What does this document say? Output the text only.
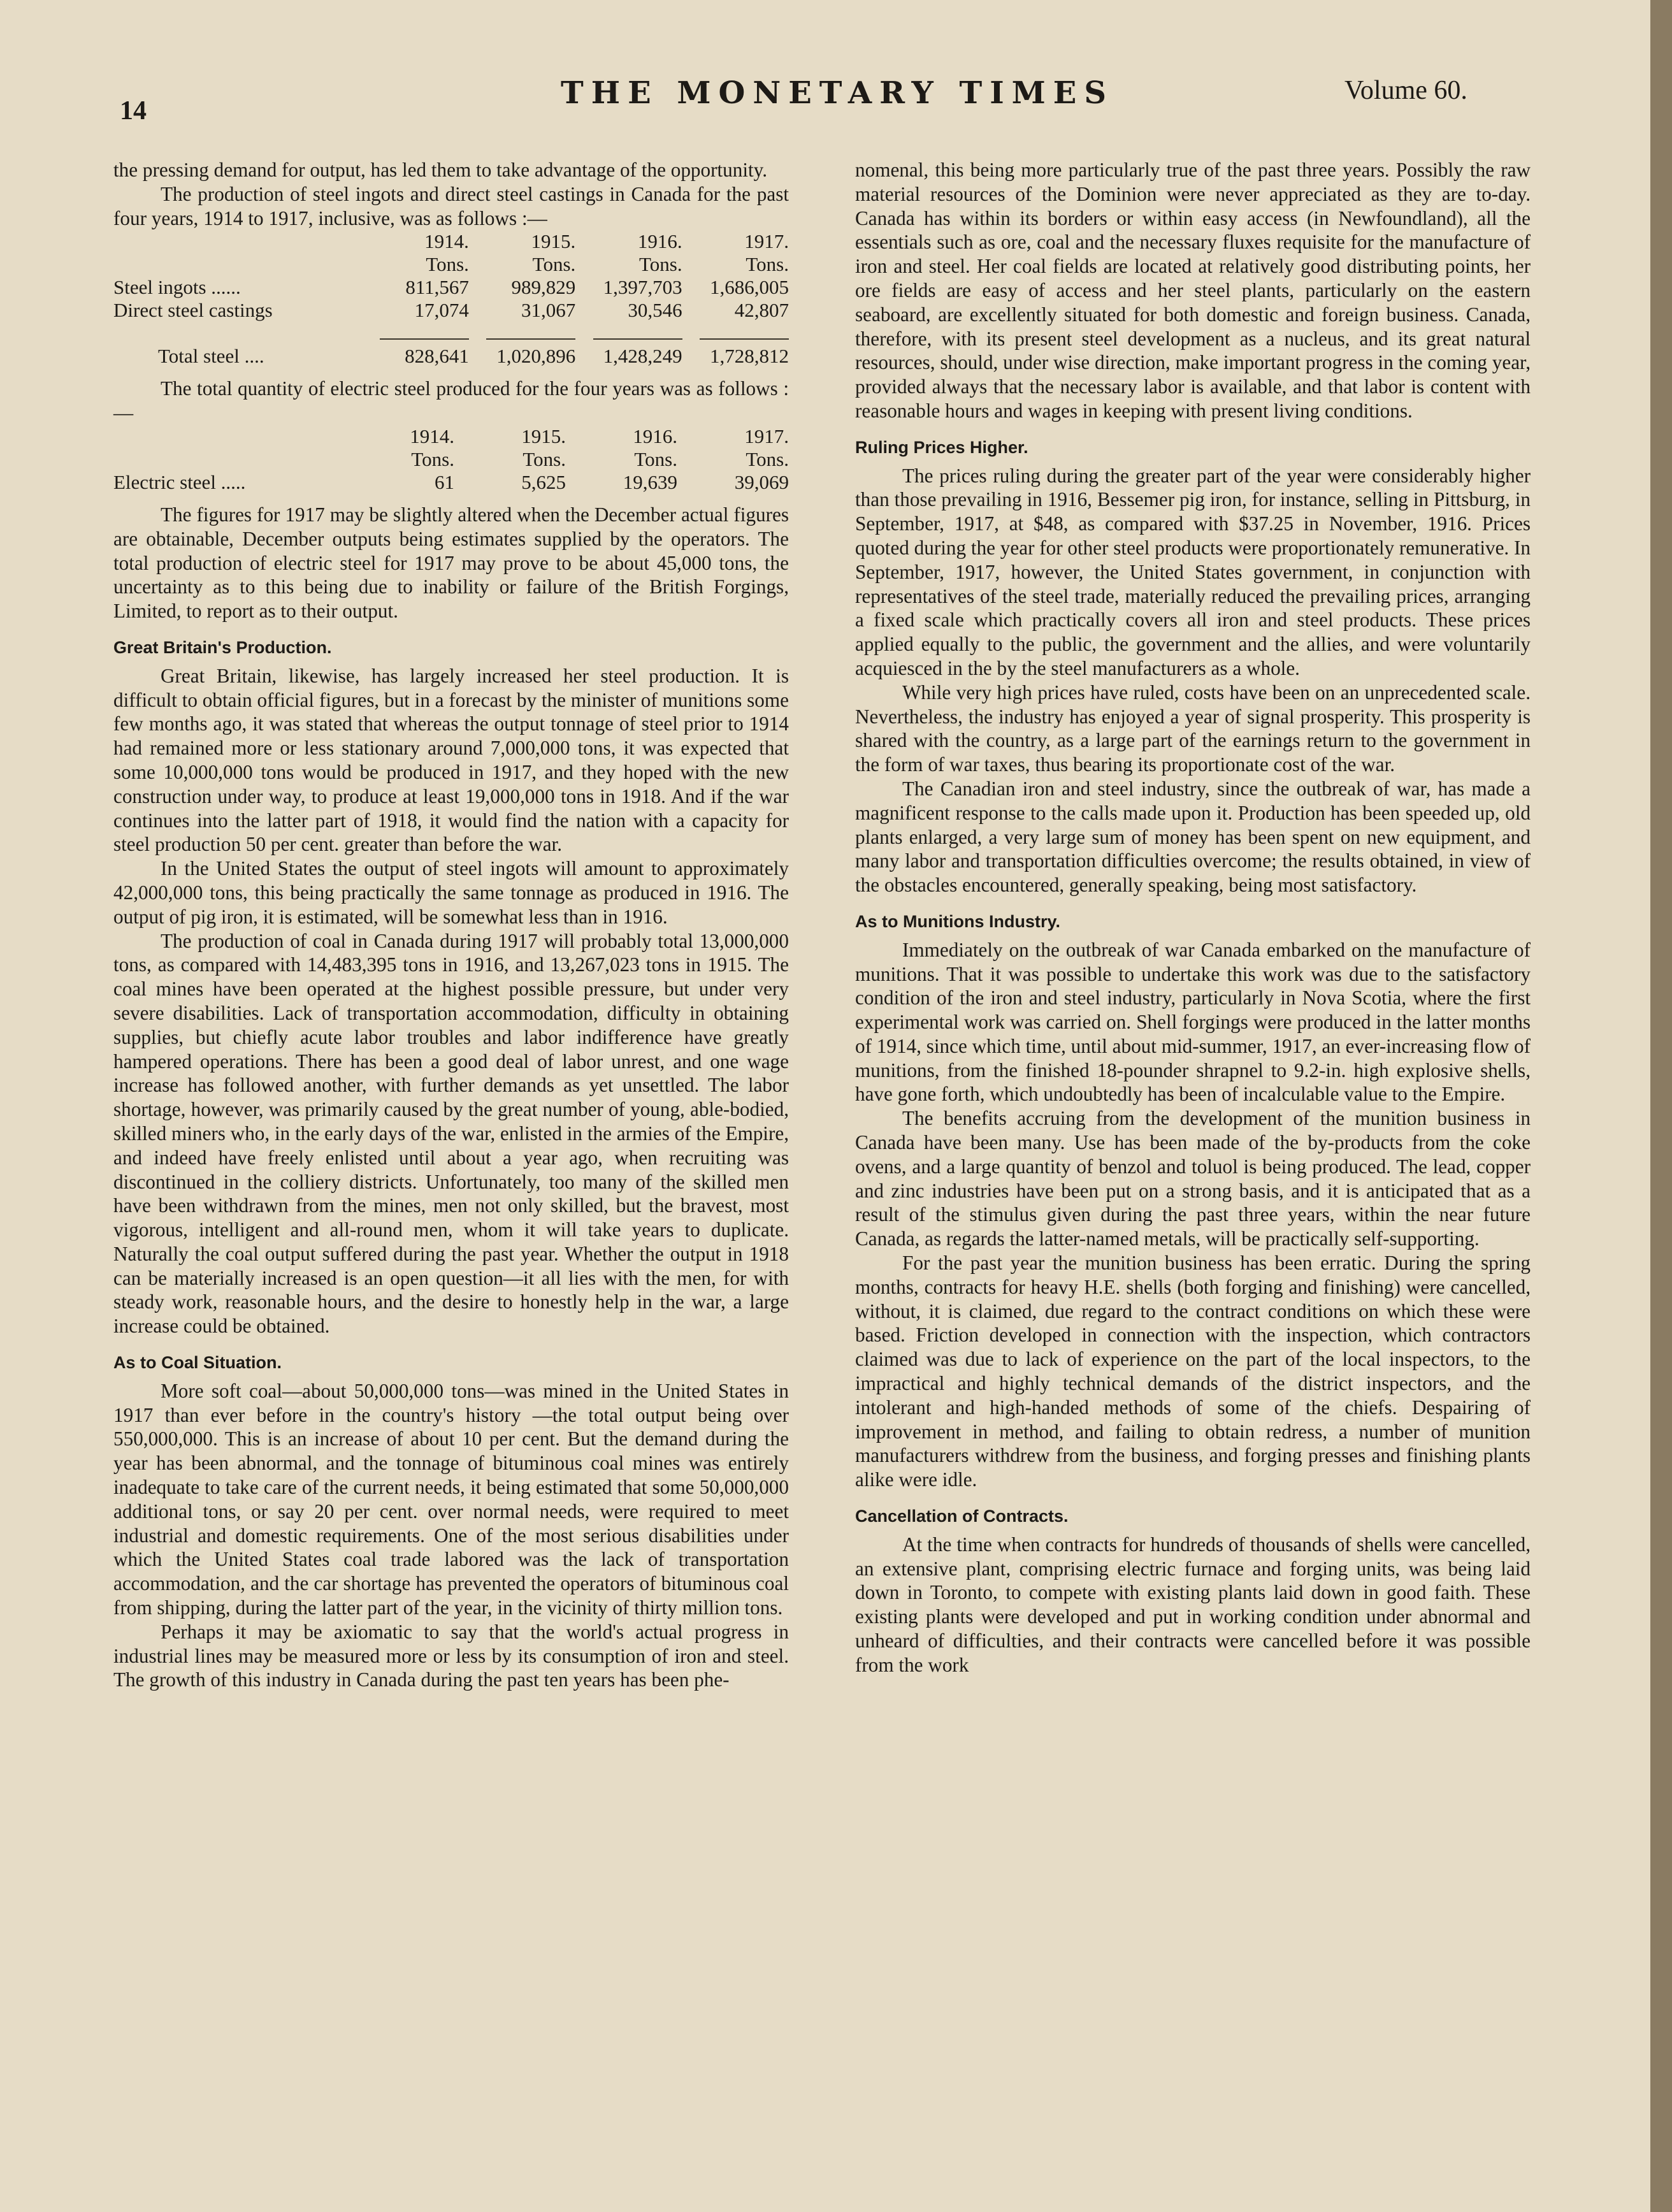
14	THE MONETARY TIMES	Volume 60.

the pressing demand for output, has led them to take advantage of the opportunity.

The production of steel ingots and direct steel castings in Canada for the past four years, 1914 to 1917, inclusive, was as follows :—

	1914.	1915.	1916.	1917.
	Tons.	Tons.	Tons.	Tons.
Steel ingots ......	811,567	989,829	1,397,703	1,686,005
Direct steel castings	17,074	31,067	30,546	42,807

Total steel ....	828,641	1,020,896	1,428,249	1,728,812

The total quantity of electric steel produced for the four years was as follows :—

	1914.	1915.	1916.	1917.
	Tons.	Tons.	Tons.	Tons.
Electric steel .....	61	5,625	19,639	39,069

The figures for 1917 may be slightly altered when the December actual figures are obtainable, December outputs being estimates supplied by the operators. The total production of electric steel for 1917 may prove to be about 45,000 tons, the uncertainty as to this being due to inability or failure of the British Forgings, Limited, to report as to their output.

Great Britain's Production.

Great Britain, likewise, has largely increased her steel production. It is difficult to obtain official figures, but in a forecast by the minister of munitions some few months ago, it was stated that whereas the output tonnage of steel prior to 1914 had remained more or less stationary around 7,000,000 tons, it was expected that some 10,000,000 tons would be produced in 1917, and they hoped with the new construction under way, to produce at least 19,000,000 tons in 1918. And if the war continues into the latter part of 1918, it would find the nation with a capacity for steel production 50 per cent. greater than before the war.

In the United States the output of steel ingots will amount to approximately 42,000,000 tons, this being practically the same tonnage as produced in 1916. The output of pig iron, it is estimated, will be somewhat less than in 1916.

The production of coal in Canada during 1917 will probably total 13,000,000 tons, as compared with 14,483,395 tons in 1916, and 13,267,023 tons in 1915. The coal mines have been operated at the highest possible pressure, but under very severe disabilities. Lack of transportation accommodation, difficulty in obtaining supplies, but chiefly acute labor troubles and labor indifference have greatly hampered operations. There has been a good deal of labor unrest, and one wage increase has followed another, with further demands as yet unsettled. The labor shortage, however, was primarily caused by the great number of young, able-bodied, skilled miners who, in the early days of the war, enlisted in the armies of the Empire, and indeed have freely enlisted until about a year ago, when recruiting was discontinued in the colliery districts. Unfortunately, too many of the skilled men have been withdrawn from the mines, men not only skilled, but the bravest, most vigorous, intelligent and all-round men, whom it will take years to duplicate. Naturally the coal output suffered during the past year. Whether the output in 1918 can be materially increased is an open question—it all lies with the men, for with steady work, reasonable hours, and the desire to honestly help in the war, a large increase could be obtained.

As to Coal Situation.

More soft coal—about 50,000,000 tons—was mined in the United States in 1917 than ever before in the country's history —the total output being over 550,000,000. This is an increase of about 10 per cent. But the demand during the year has been abnormal, and the tonnage of bituminous coal mines was entirely inadequate to take care of the current needs, it being estimated that some 50,000,000 additional tons, or say 20 per cent. over normal needs, were required to meet industrial and domestic requirements. One of the most serious disabilities under which the United States coal trade labored was the lack of transportation accommodation, and the car shortage has prevented the operators of bituminous coal from shipping, during the latter part of the year, in the vicinity of thirty million tons.

Perhaps it may be axiomatic to say that the world's actual progress in industrial lines may be measured more or less by its consumption of iron and steel. The growth of this industry in Canada during the past ten years has been phe-

nomenal, this being more particularly true of the past three years. Possibly the raw material resources of the Dominion were never appreciated as they are to-day. Canada has within its borders or within easy access (in Newfoundland), all the essentials such as ore, coal and the necessary fluxes requisite for the manufacture of iron and steel. Her coal fields are located at relatively good distributing points, her ore fields are easy of access and her steel plants, particularly on the eastern seaboard, are excellently situated for both domestic and foreign business. Canada, therefore, with its present steel development as a nucleus, and its great natural resources, should, under wise direction, make important progress in the coming year, provided always that the necessary labor is available, and that labor is content with reasonable hours and wages in keeping with present living conditions.

Ruling Prices Higher.

The prices ruling during the greater part of the year were considerably higher than those prevailing in 1916, Bessemer pig iron, for instance, selling in Pittsburg, in September, 1917, at $48, as compared with $37.25 in November, 1916. Prices quoted during the year for other steel products were proportionately remunerative. In September, 1917, however, the United States government, in conjunction with representatives of the steel trade, materially reduced the prevailing prices, arranging a fixed scale which practically covers all iron and steel products. These prices applied equally to the public, the government and the allies, and were voluntarily acquiesced in the by the steel manufacturers as a whole.

While very high prices have ruled, costs have been on an unprecedented scale. Nevertheless, the industry has enjoyed a year of signal prosperity. This prosperity is shared with the country, as a large part of the earnings return to the government in the form of war taxes, thus bearing its proportionate cost of the war.

The Canadian iron and steel industry, since the outbreak of war, has made a magnificent response to the calls made upon it. Production has been speeded up, old plants enlarged, a very large sum of money has been spent on new equipment, and many labor and transportation difficulties overcome; the results obtained, in view of the obstacles encountered, generally speaking, being most satisfactory.

As to Munitions Industry.

Immediately on the outbreak of war Canada embarked on the manufacture of munitions. That it was possible to undertake this work was due to the satisfactory condition of the iron and steel industry, particularly in Nova Scotia, where the first experimental work was carried on. Shell forgings were produced in the latter months of 1914, since which time, until about mid-summer, 1917, an ever-increasing flow of munitions, from the finished 18-pounder shrapnel to 9.2-in. high explosive shells, have gone forth, which undoubtedly has been of incalculable value to the Empire.

The benefits accruing from the development of the munition business in Canada have been many. Use has been made of the by-products from the coke ovens, and a large quantity of benzol and toluol is being produced. The lead, copper and zinc industries have been put on a strong basis, and it is anticipated that as a result of the stimulus given during the past three years, within the near future Canada, as regards the latter-named metals, will be practically self-supporting.

For the past year the munition business has been erratic. During the spring months, contracts for heavy H.E. shells (both forging and finishing) were cancelled, without, it is claimed, due regard to the contract conditions on which these were based. Friction developed in connection with the inspection, which contractors claimed was due to lack of experience on the part of the local inspectors, to the impractical and highly technical demands of the district inspectors, and the intolerant and high-handed methods of some of the chiefs. Despairing of improvement in method, and failing to obtain redress, a number of munition manufacturers withdrew from the business, and forging presses and finishing plants alike were idle.

Cancellation of Contracts.

At the time when contracts for hundreds of thousands of shells were cancelled, an extensive plant, comprising electric furnace and forging units, was being laid down in Toronto, to compete with existing plants laid down in good faith. These existing plants were developed and put in working condition under abnormal and unheard of difficulties, and their contracts were cancelled before it was possible from the work
